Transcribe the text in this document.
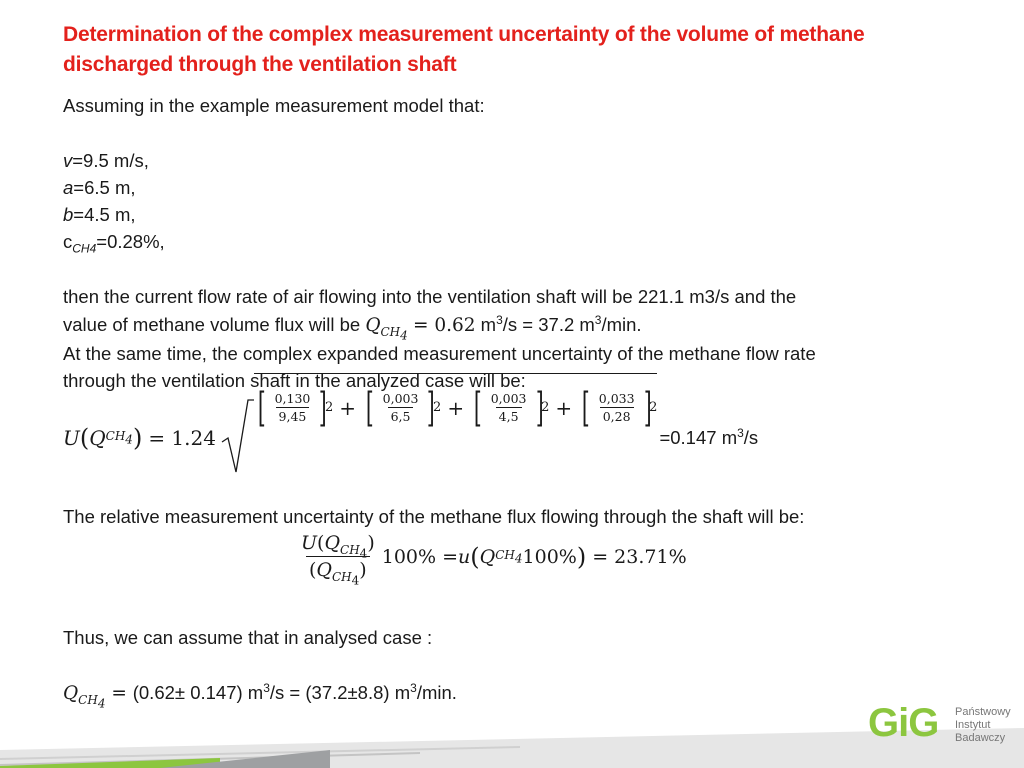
Determination of the complex measurement uncertainty of the volume of methane discharged through the ventilation shaft
Assuming in the example measurement model that:
v=9.5 m/s,
a=6.5 m,
b=4.5 m,
$c_{CH4}=0.28\%$,
then the current flow rate of air flowing into the ventilation shaft will be 221.1 m3/s and the
value of methane volume flux will be $Q_{CH_4} = 0.62$ $m^3/s = 37.2$ $m^3/\min$.
At the same time, the complex expanded measurement uncertainty of the methane flow rate
through the ventilation shaft in the analyzed case will be:
U ( Q $CH_4$ ) = 1.24
[ $\frac{0,130}{9,45}$ ]
2 + [ $\frac{0,003}{6,5}$ ]
2 + [ $\frac{0,003}{4,5}$ ]
2 + [ $\frac{0,033}{0,28}$ ]
2
=0.147 $m^3/s$
The relative measurement uncertainty of the methane flux flowing through the shaft will be:
$\frac{U(Q_{CH_4})}{(Q_{CH_4})} 100\% = u$ ( Q $CH_4$ 100% ) = 23.71%
Thus, we can assume that in analysed case :
$Q_{CH_4} = (0.62\pm 0.147) m^3/s = (37.2\pm 8.8)$ $m^3/\min$.
GiG Państwowy
Instytut
Badawczy
